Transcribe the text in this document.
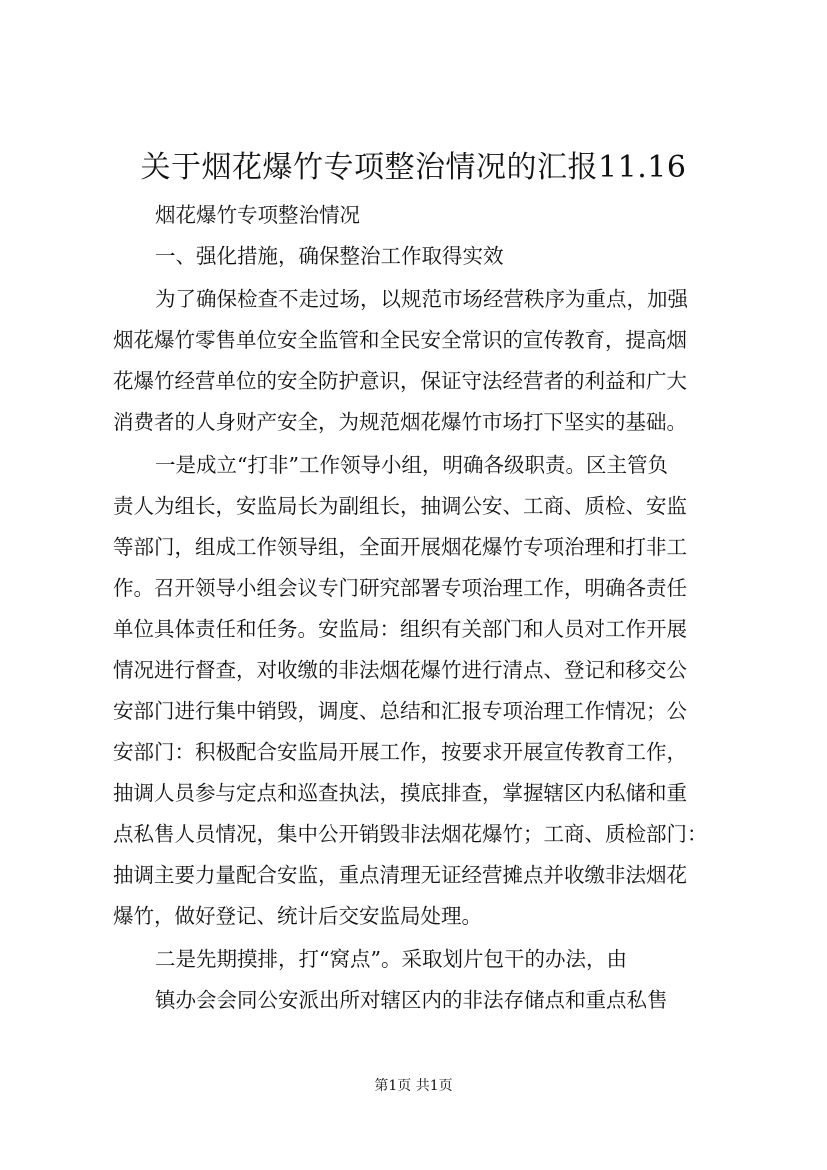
关于烟花爆竹专项整治情况的汇报11.16
烟花爆竹专项整治情况
一、强化措施，确保整治工作取得实效
为了确保检查不走过场，以规范市场经营秩序为重点，加强
烟花爆竹零售单位安全监管和全民安全常识的宣传教育，提高烟
花爆竹经营单位的安全防护意识，保证守法经营者的利益和广大
消费者的人身财产安全，为规范烟花爆竹市场打下坚实的基础。
一是成立“打非”工作领导小组，明确各级职责。区主管负
责人为组长，安监局长为副组长，抽调公安、工商、质检、安监
等部门，组成工作领导组，全面开展烟花爆竹专项治理和打非工
作。召开领导小组会议专门研究部署专项治理工作，明确各责任
单位具体责任和任务。安监局：组织有关部门和人员对工作开展
情况进行督查，对收缴的非法烟花爆竹进行清点、登记和移交公
安部门进行集中销毁，调度、总结和汇报专项治理工作情况；公
安部门：积极配合安监局开展工作，按要求开展宣传教育工作，
抽调人员参与定点和巡查执法，摸底排查，掌握辖区内私储和重
点私售人员情况，集中公开销毁非法烟花爆竹；工商、质检部门：
抽调主要力量配合安监，重点清理无证经营摊点并收缴非法烟花
爆竹，做好登记、统计后交安监局处理。
二是先期摸排，打“窝点”。采取划片包干的办法，由
镇办会会同公安派出所对辖区内的非法存储点和重点私售
第1页 共1页
